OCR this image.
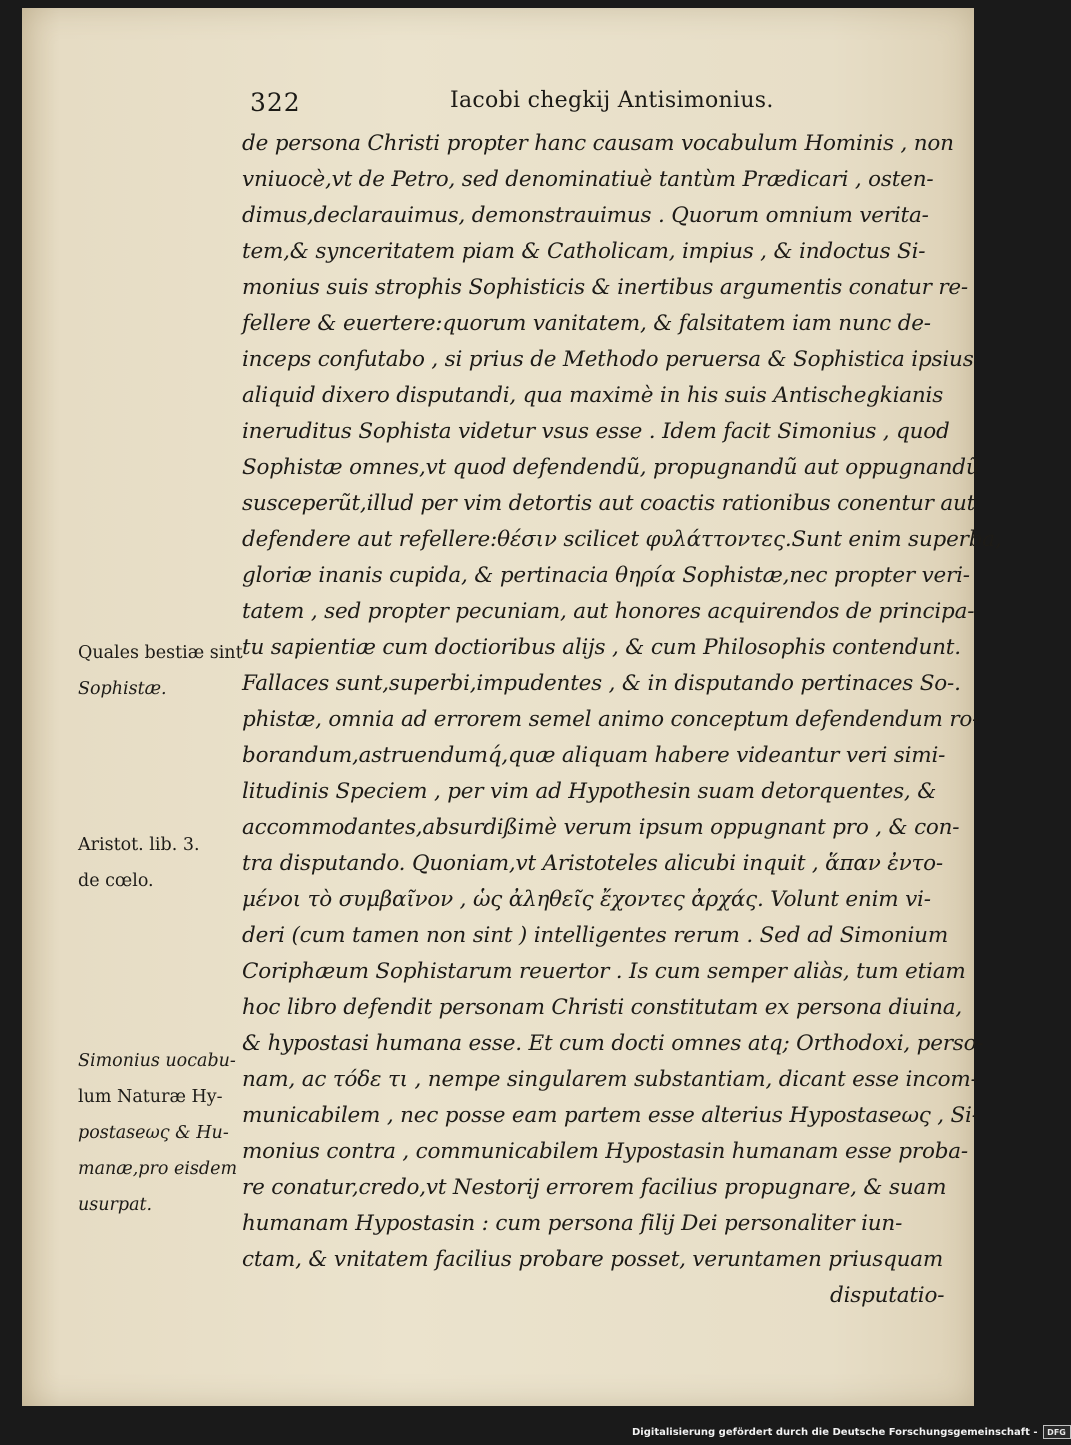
322	Iacobi chegkij Antisimonius.
de persona Christi propter hanc causam vocabulum Hominis , non
vniuocè,vt de Petro, sed denominatiuè tantùm Prædicari , osten-
dimus,declarauimus, demonstrauimus . Quorum omnium verita-
tem,& synceritatem piam & Catholicam, impius , & indoctus Si-
monius suis strophis Sophisticis & inertibus argumentis conatur re-
fellere & euertere:quorum vanitatem, & falsitatem iam nunc de-
inceps confutabo , si prius de Methodo peruersa & Sophistica ipsius
aliquid dixero disputandi, qua maximè in his suis Antischegkianis
ineruditus Sophista videtur vsus esse . Idem facit Simonius , quod
Sophistæ omnes,vt quod defendendũ, propugnandũ aut oppugnandũ
susceperũt,illud per vim detortis aut coactis rationibus conentur aut
defendere aut refellere:θέσιν scilicet φυλάττοντες.Sunt enim superba,
gloriæ inanis cupida, & pertinacia θηρία Sophistæ,nec propter veri-
tatem , sed propter pecuniam, aut honores acquirendos de principa-
tu sapientiæ cum doctioribus alijs , & cum Philosophis contendunt.
Fallaces sunt,superbi,impudentes , & in disputando pertinaces So-.
phistæ, omnia ad errorem semel animo conceptum defendendum ro-
borandum,astruendumq́,quæ aliquam habere videantur veri simi-
litudinis Speciem , per vim ad Hypothesin suam detorquentes, &
accommodantes,absurdißimè verum ipsum oppugnant pro , & con-
tra disputando. Quoniam,vt Aristoteles alicubi inquit , ἅπαν ἐντο-
μένοι τὸ συμβαῖνον , ὡς ἀληθεῖς ἔχοντες ἀρχάς. Volunt enim vi-
deri (cum tamen non sint ) intelligentes rerum . Sed ad Simonium
Coriphæum Sophistarum reuertor . Is cum semper aliàs, tum etiam
hoc libro defendit personam Christi constitutam ex persona diuina,
& hypostasi humana esse. Et cum docti omnes atq; Orthodoxi, perso-
nam, ac τόδε τι , nempe singularem substantiam, dicant esse incom-
municabilem , nec posse eam partem esse alterius Hypostaseως , Si-
monius contra , communicabilem Hypostasin humanam esse proba-
re conatur,credo,vt Nestorij errorem facilius propugnare, & suam
humanam Hypostasin : cum persona filij Dei personaliter iun-
ctam, & vnitatem facilius probare posset, veruntamen priusquam
disputatio-
Quales bestiæ sint
Sophistæ.
Aristot. lib. 3.
de cœlo.
Simonius uocabu-
lum Naturæ Hy-
postaseως & Hu-
manæ,pro eisdem
usurpat.
Digitalisierung gefördert durch die Deutsche Forschungsgemeinschaft -	DFG
